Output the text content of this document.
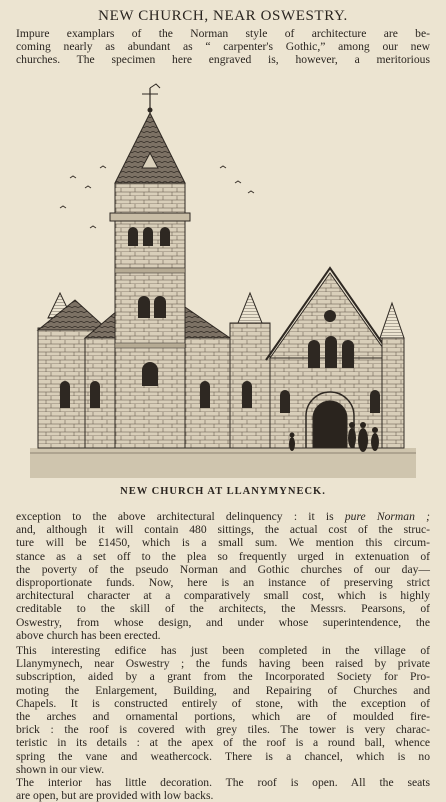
NEW CHURCH, NEAR OSWESTRY.
Impure examplars of the Norman style of architecture are be-
coming nearly as abundant as “ carpenter's Gothic,” among our new
churches. The specimen here engraved is, however, a meritorious
NEW CHURCH AT LLANYMYNECK.
exception to the above architectural delinquency : it is pure Norman ;
and, although it will contain 480 sittings, the actual cost of the struc-
ture will be £1450, which is a small sum. We mention this circum-
stance as a set off to the plea so frequently urged in extenuation of
the poverty of the pseudo Norman and Gothic churches of our day—
disproportionate funds. Now, here is an instance of preserving strict
architectural character at a comparatively small cost, which is highly
creditable to the skill of the architects, the Messrs. Pearsons, of
Oswestry, from whose design, and under whose superintendence, the
above church has been erected.
This interesting edifice has just been completed in the village of
Llanymynech, near Oswestry ; the funds having been raised by private
subscription, aided by a grant from the Incorporated Society for Pro-
moting the Enlargement, Building, and Repairing of Churches and
Chapels. It is constructed entirely of stone, with the exception of
the arches and ornamental portions, which are of moulded fire-
brick : the roof is covered with grey tiles. The tower is very charac-
teristic in its details : at the apex of the roof is a round ball, whence
spring the vane and weathercock. There is a chancel, which is no
shown in our view.
The interior has little decoration. The roof is open. All the seats
are open, but are provided with low backs.
